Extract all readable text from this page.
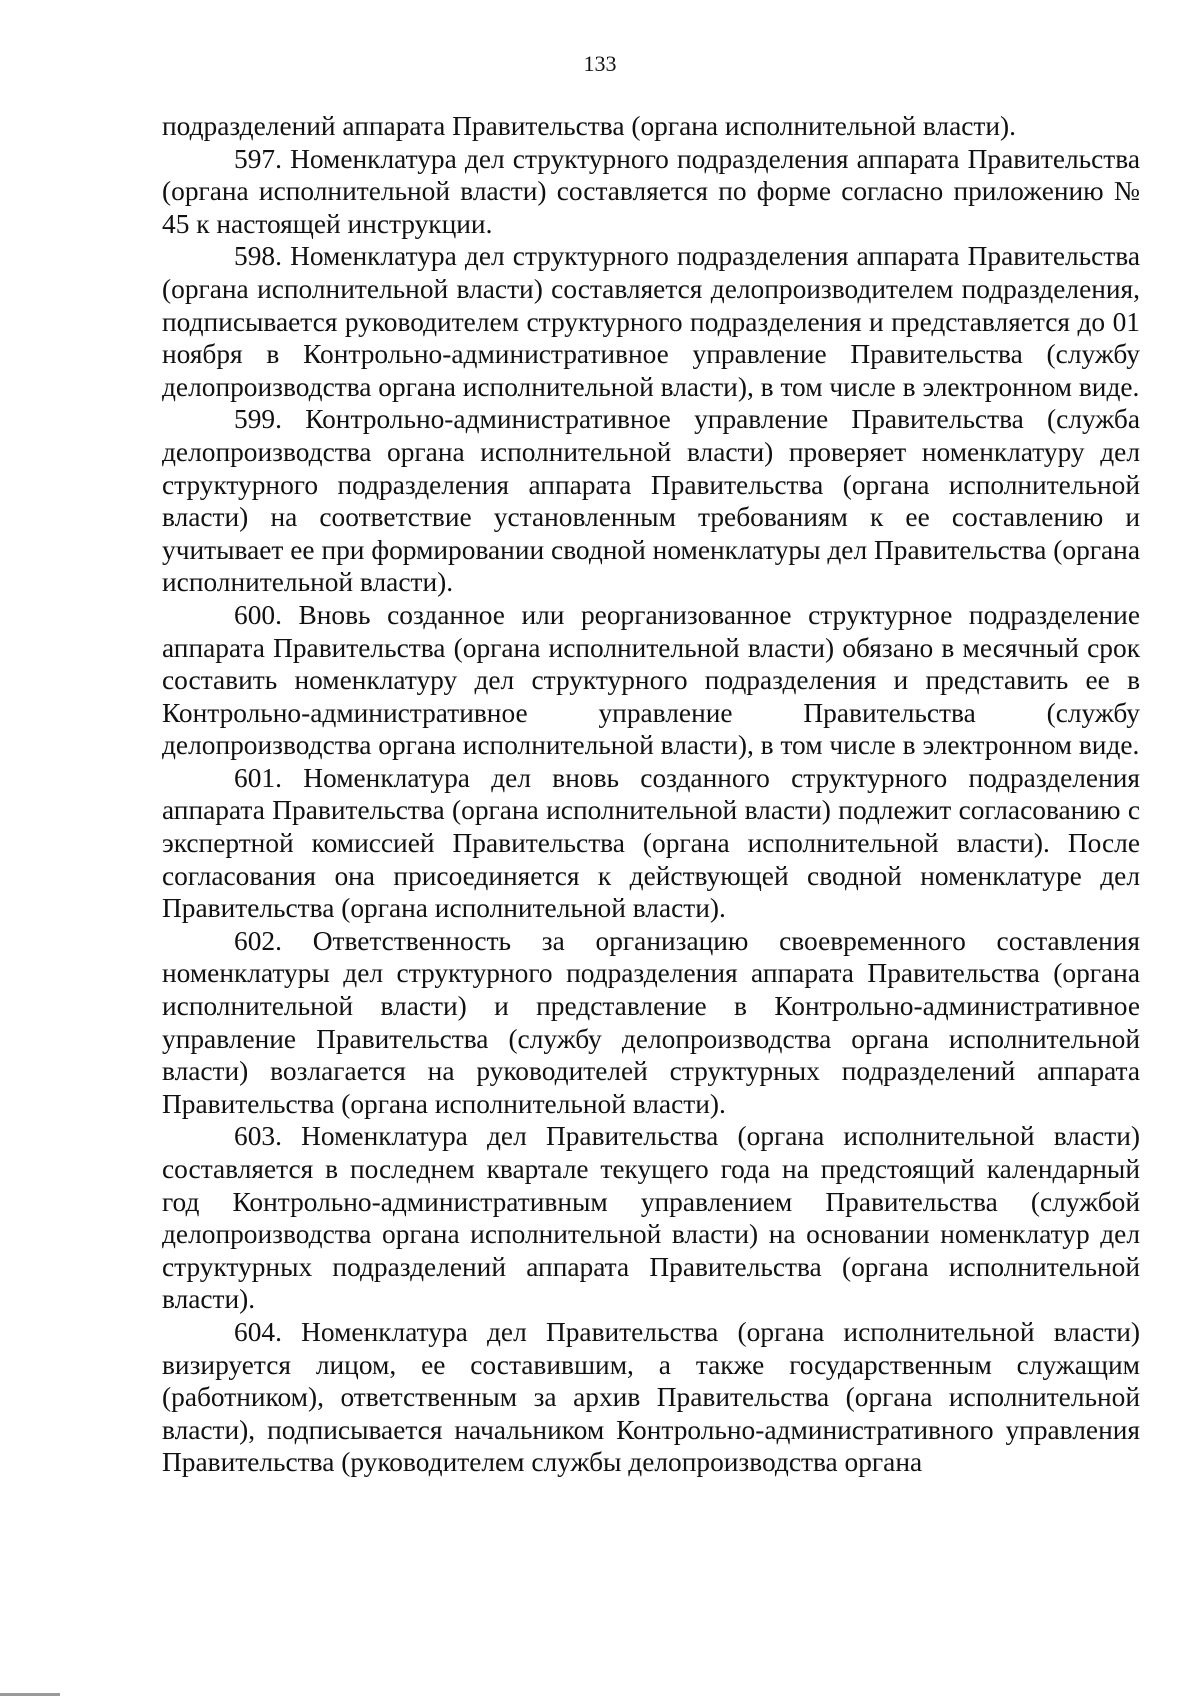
133

подразделений аппарата Правительства (органа исполнительной власти).

597. Номенклатура дел структурного подразделения аппарата Правительства (органа исполнительной власти) составляется по форме согласно приложению № 45 к настоящей инструкции.

598. Номенклатура дел структурного подразделения аппарата Правительства (органа исполнительной власти) составляется делопроизводителем подразделения, подписывается руководителем структурного подразделения и представляется до 01 ноября в Контрольно-административное управление Правительства (службу делопроизводства органа исполнительной власти), в том числе в электронном виде.

599. Контрольно-административное управление Правительства (служба делопроизводства органа исполнительной власти) проверяет номенклатуру дел структурного подразделения аппарата Правительства (органа исполнительной власти) на соответствие установленным требованиям к ее составлению и учитывает ее при формировании сводной номенклатуры дел Правительства (органа исполнительной власти).

600. Вновь созданное или реорганизованное структурное подразделение аппарата Правительства (органа исполнительной власти) обязано в месячный срок составить номенклатуру дел структурного подразделения и представить ее в Контрольно-административное управление Правительства (службу делопроизводства органа исполнительной власти), в том числе в электронном виде.

601. Номенклатура дел вновь созданного структурного подразделения аппарата Правительства (органа исполнительной власти) подлежит согласованию с экспертной комиссией Правительства (органа исполнительной власти). После согласования она присоединяется к действующей сводной номенклатуре дел Правительства (органа исполнительной власти).

602. Ответственность за организацию своевременного составления номенклатуры дел структурного подразделения аппарата Правительства (органа исполнительной власти) и представление в Контрольно-административное управление Правительства (службу делопроизводства органа исполнительной власти) возлагается на руководителей структурных подразделений аппарата Правительства (органа исполнительной власти).

603. Номенклатура дел Правительства (органа исполнительной власти) составляется в последнем квартале текущего года на предстоящий календарный год Контрольно-административным управлением Правительства (службой делопроизводства органа исполнительной власти) на основании номенклатур дел структурных подразделений аппарата Правительства (органа исполнительной власти).

604. Номенклатура дел Правительства (органа исполнительной власти) визируется лицом, ее составившим, а также государственным служащим (работником), ответственным за архив Правительства (органа исполнительной власти), подписывается начальником Контрольно-административного управления Правительства (руководителем службы делопроизводства органа
